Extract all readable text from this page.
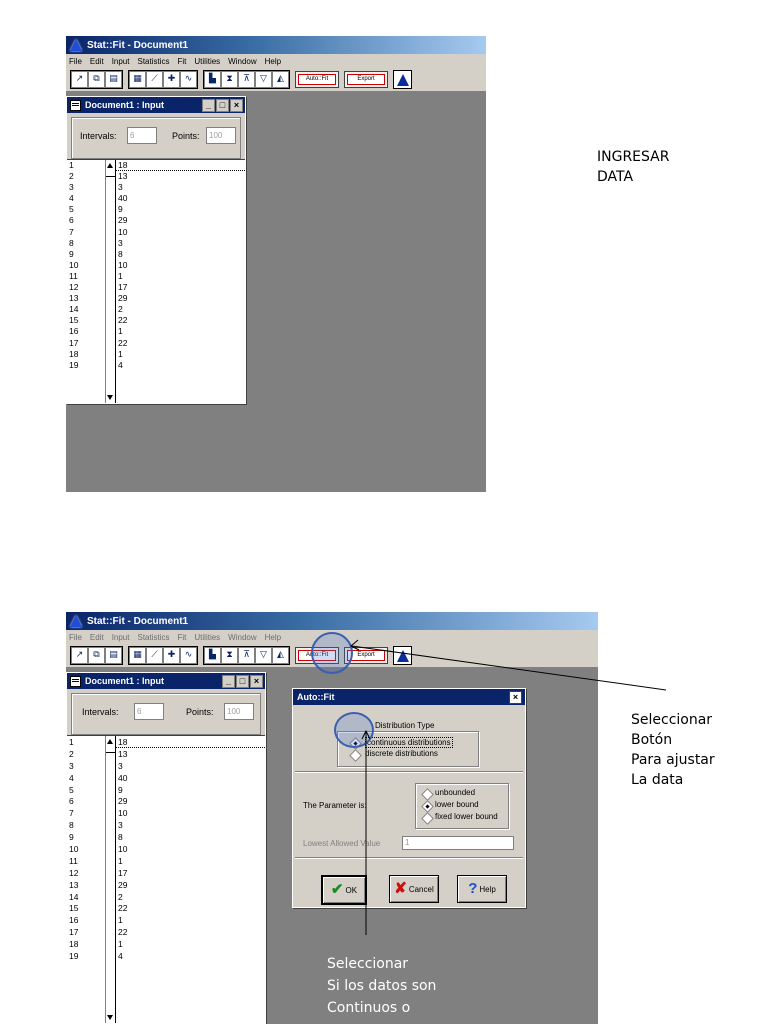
Stat::Fit - Document1
File Edit Input Statistics Fit Utilities Window Help
↗	⧉	▤	▦	⟋	✚	∿	▙	⧗	⊼	▽	◭	Auto::Fit	Export
Document1 : Input	_ □ ×
Intervals:	6	Points:	100
1	18
2	13
3	3
4	40
5	9
6	29
7	10
8	3
9	8
10	10
11	1
12	17
13	29
14	2
15	22
16	1
17	22
18	1
19	4
INGRESAR
DATA
Stat::Fit - Document1
File Edit Input Statistics Fit Utilities Window Help
↗	⧉	▤	▦	⟋	✚	∿	▙	⧗	⊼	▽	◭	Auto::Fit	Export
Document1 : Input	_ □ ×
Intervals:	6	Points:	100
1	18
2	13
3	3
4	40
5	9
6	29
7	10
8	3
9	8
10	10
11	1
12	17
13	29
14	2
15	22
16	1
17	22
18	1
19	4
Auto::Fit	×
Distribution Type
continuous distributions
discrete distributions
The Parameter is:
unbounded
lower bound
fixed lower bound
Lowest Allowed Value	1
✔ OK ✘ Cancel ? Help
Seleccionar
Botón
Para ajustar
La data
Seleccionar
Si los datos son
Continuos o
